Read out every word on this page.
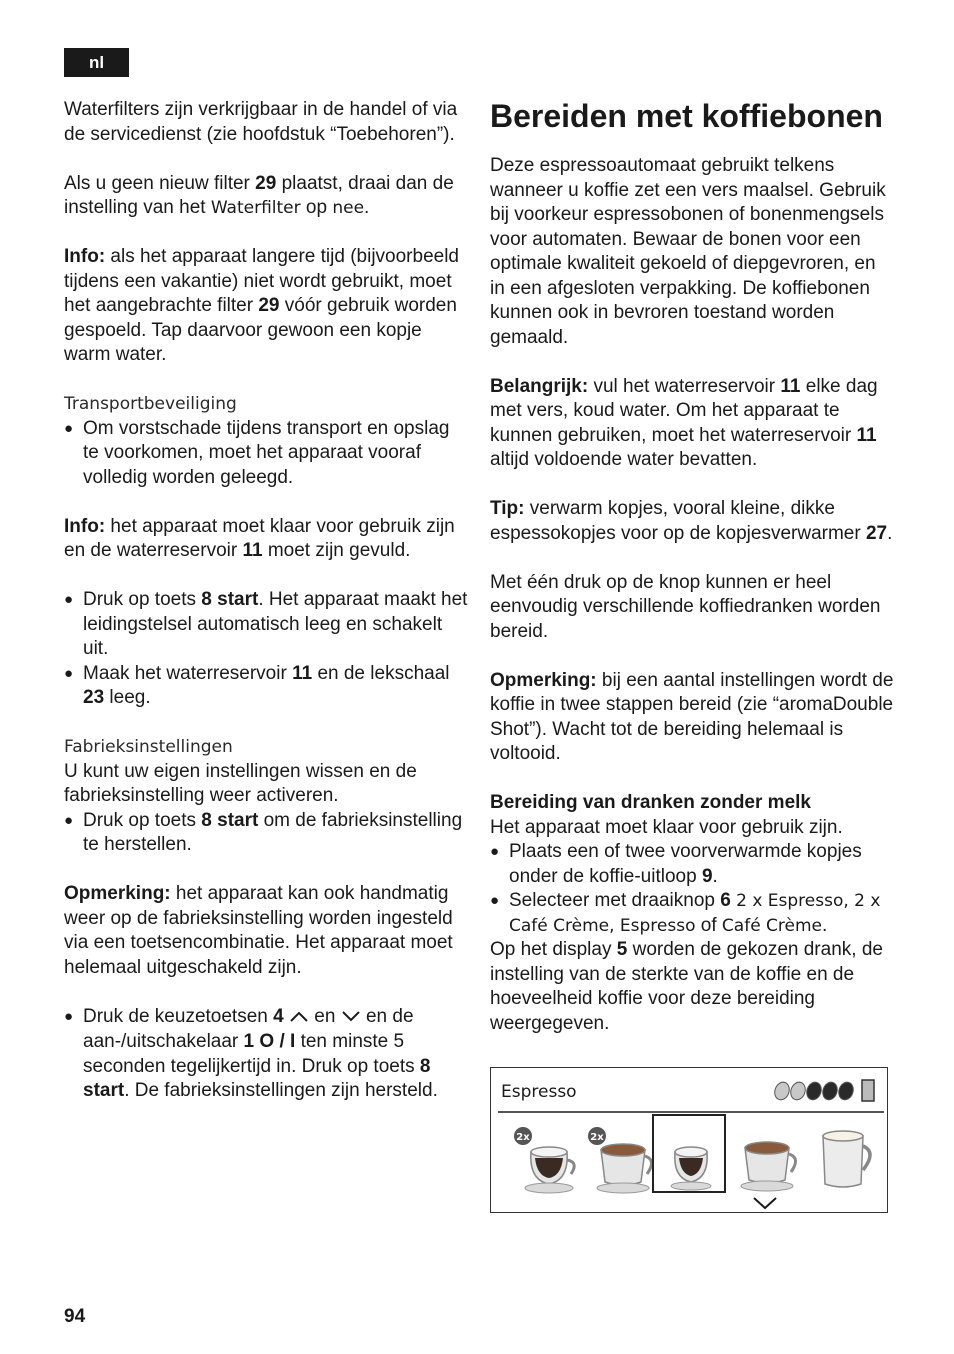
nl

Waterfilters zijn verkrijgbaar in de handel of via de servicedienst (zie hoofdstuk “Toebehoren”).

Als u geen nieuw filter 29 plaatst, draai dan de instelling van het Waterfilter op nee.

Info: als het apparaat langere tijd (bijvoorbeeld tijdens een vakantie) niet wordt gebruikt, moet het aangebrachte filter 29 vóór gebruik worden gespoeld. Tap daarvoor gewoon een kopje warm water.

Transportbeveiliging

● Om vorstschade tijdens transport en opslag te voorkomen, moet het apparaat vooraf volledig worden geleegd.

Info: het apparaat moet klaar voor gebruik zijn en de waterreservoir 11 moet zijn gevuld.

● Druk op toets 8 start. Het apparaat maakt het leidingstelsel automatisch leeg en schakelt uit.
● Maak het waterreservoir 11 en de lekschaal 23 leeg.

Fabrieksinstellingen

U kunt uw eigen instellingen wissen en de fabrieksinstelling weer activeren.

● Druk op toets 8 start om de fabrieksinstelling te herstellen.

Opmerking: het apparaat kan ook handmatig weer op de fabrieksinstelling worden ingesteld via een toetsencombinatie. Het apparaat moet helemaal uitgeschakeld zijn.

● Druk de keuzetoetsen 4  en  en de aan-/uitschakelaar 1 O / I ten minste 5 seconden tegelijkertijd in. Druk op toets 8 start. De fabrieksinstellingen zijn hersteld.
Bereiden met koffiebonen

Deze espressoautomaat gebruikt telkens wanneer u koffie zet een vers maalsel. Gebruik bij voorkeur espressobonen of bonenmengsels voor automaten. Bewaar de bonen voor een optimale kwaliteit gekoeld of diepgevroren, en in een afgesloten verpakking. De koffiebonen kunnen ook in bevroren toestand worden gemaald.

Belangrijk: vul het waterreservoir 11 elke dag met vers, koud water. Om het apparaat te kunnen gebruiken, moet het waterreservoir 11 altijd voldoende water bevatten.

Tip: verwarm kopjes, vooral kleine, dikke espessokopjes voor op de kopjesverwarmer 27.

Met één druk op de knop kunnen er heel eenvoudig verschillende koffiedranken worden bereid.

Opmerking: bij een aantal instellingen wordt de koffie in twee stappen bereid (zie “aromaDouble Shot”). Wacht tot de bereiding helemaal is voltooid.

Bereiding van dranken zonder melk

Het apparaat moet klaar voor gebruik zijn.

● Plaats een of twee voorverwarmde kopjes onder de koffie-uitloop 9.
● Selecteer met draaiknop 6 2 x Espresso, 2 x Café Crème, Espresso of Café Crème.

Op het display 5 worden de gekozen drank, de instelling van de sterkte van de koffie en de hoeveelheid koffie voor deze bereiding weergegeven.

Espresso
2x	2x
94
